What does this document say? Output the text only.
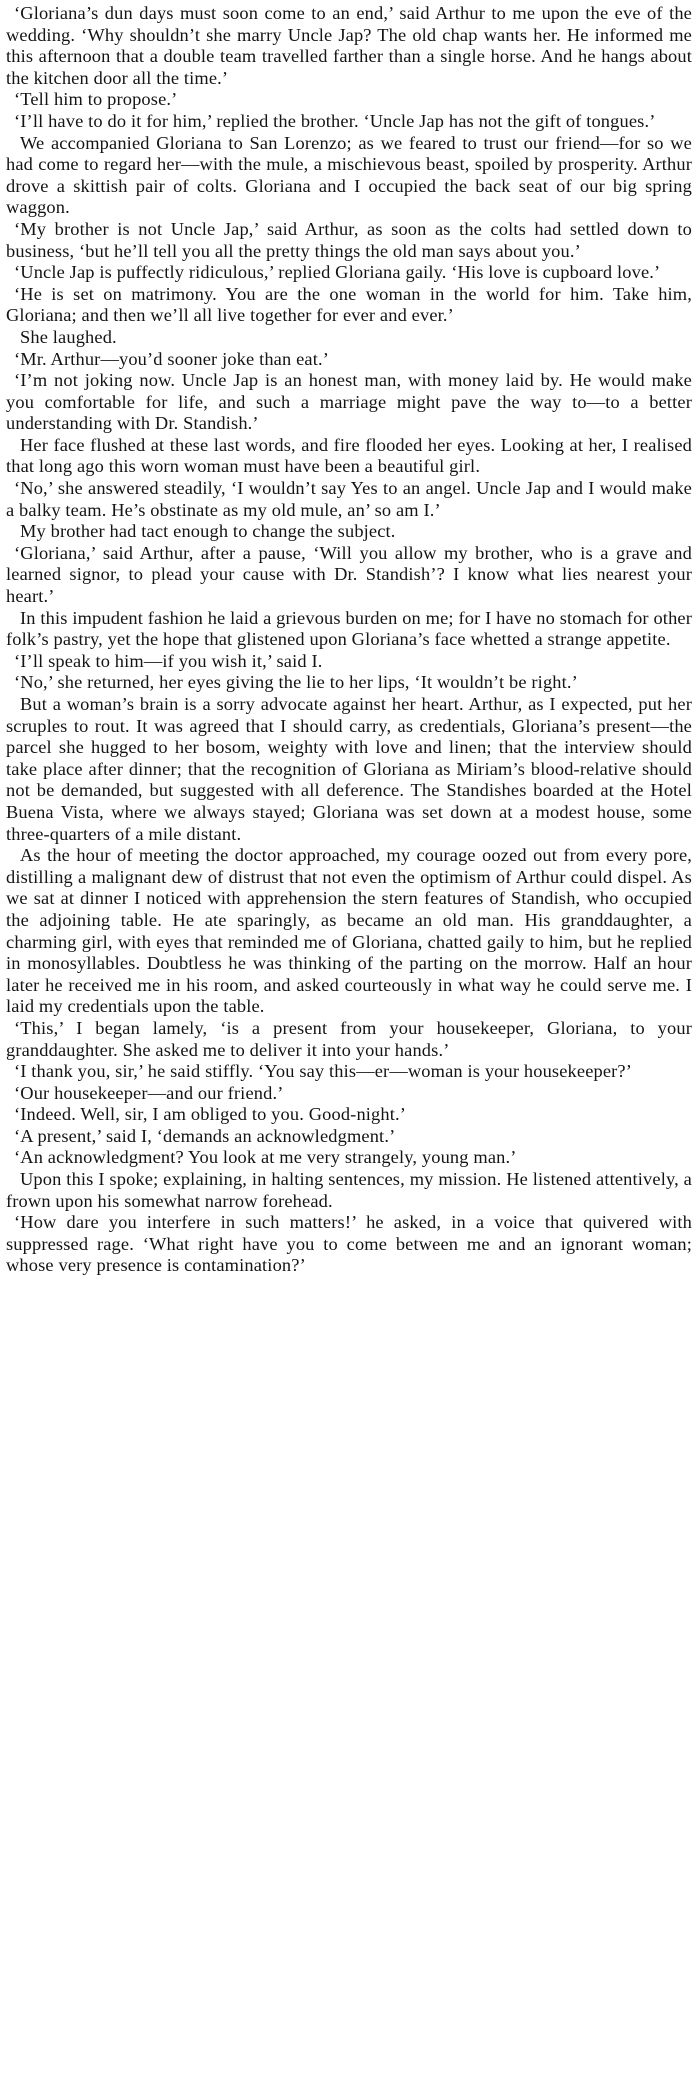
‘Gloriana’s dun days must soon come to an end,’ said Arthur to me upon the eve of the wedding. ‘Why shouldn’t she marry Uncle Jap? The old chap wants her. He informed me this afternoon that a double team travelled farther than a single horse. And he hangs about the kitchen door all the time.’

‘Tell him to propose.’

‘I’ll have to do it for him,’ replied the brother. ‘Uncle Jap has not the gift of tongues.’

We accompanied Gloriana to San Lorenzo; as we feared to trust our friend—for so we had come to regard her—with the mule, a mischievous beast, spoiled by prosperity. Arthur drove a skittish pair of colts. Gloriana and I occupied the back seat of our big spring waggon.

‘My brother is not Uncle Jap,’ said Arthur, as soon as the colts had settled down to business, ‘but he’ll tell you all the pretty things the old man says about you.’

‘Uncle Jap is puffectly ridiculous,’ replied Gloriana gaily. ‘His love is cupboard love.’

‘He is set on matrimony. You are the one woman in the world for him. Take him, Gloriana; and then we’ll all live together for ever and ever.’

She laughed.

‘Mr. Arthur—you’d sooner joke than eat.’

‘I’m not joking now. Uncle Jap is an honest man, with money laid by. He would make you comfortable for life, and such a marriage might pave the way to—to a better understanding with Dr. Standish.’

Her face flushed at these last words, and fire flooded her eyes. Looking at her, I realised that long ago this worn woman must have been a beautiful girl.

‘No,’ she answered steadily, ‘I wouldn’t say Yes to an angel. Uncle Jap and I would make a balky team. He’s obstinate as my old mule, an’ so am I.’

My brother had tact enough to change the subject.

‘Gloriana,’ said Arthur, after a pause, ‘Will you allow my brother, who is a grave and learned signor, to plead your cause with Dr. Standish’? I know what lies nearest your heart.’

In this impudent fashion he laid a grievous burden on me; for I have no stomach for other folk’s pastry, yet the hope that glistened upon Gloriana’s face whetted a strange appetite.

‘I’ll speak to him—if you wish it,’ said I.

‘No,’ she returned, her eyes giving the lie to her lips, ‘It wouldn’t be right.’

But a woman’s brain is a sorry advocate against her heart. Arthur, as I expected, put her scruples to rout. It was agreed that I should carry, as credentials, Gloriana’s present—the parcel she hugged to her bosom, weighty with love and linen; that the interview should take place after dinner; that the recognition of Gloriana as Miriam’s blood-relative should not be demanded, but suggested with all deference. The Standishes boarded at the Hotel Buena Vista, where we always stayed; Gloriana was set down at a modest house, some three-quarters of a mile distant.

As the hour of meeting the doctor approached, my courage oozed out from every pore, distilling a malignant dew of distrust that not even the optimism of Arthur could dispel. As we sat at dinner I noticed with apprehension the stern features of Standish, who occupied the adjoining table. He ate sparingly, as became an old man. His granddaughter, a charming girl, with eyes that reminded me of Gloriana, chatted gaily to him, but he replied in monosyllables. Doubtless he was thinking of the parting on the morrow. Half an hour later he received me in his room, and asked courteously in what way he could serve me. I laid my credentials upon the table.

‘This,’ I began lamely, ‘is a present from your housekeeper, Gloriana, to your granddaughter. She asked me to deliver it into your hands.’

‘I thank you, sir,’ he said stiffly. ‘You say this—er—woman is your housekeeper?’

‘Our housekeeper—and our friend.’

‘Indeed. Well, sir, I am obliged to you. Good-night.’

‘A present,’ said I, ‘demands an acknowledgment.’

‘An acknowledgment? You look at me very strangely, young man.’

Upon this I spoke; explaining, in halting sentences, my mission. He listened attentively, a frown upon his somewhat narrow forehead.

‘How dare you interfere in such matters!’ he asked, in a voice that quivered with suppressed rage. ‘What right have you to come between me and an ignorant woman; whose very presence is contamination?’
